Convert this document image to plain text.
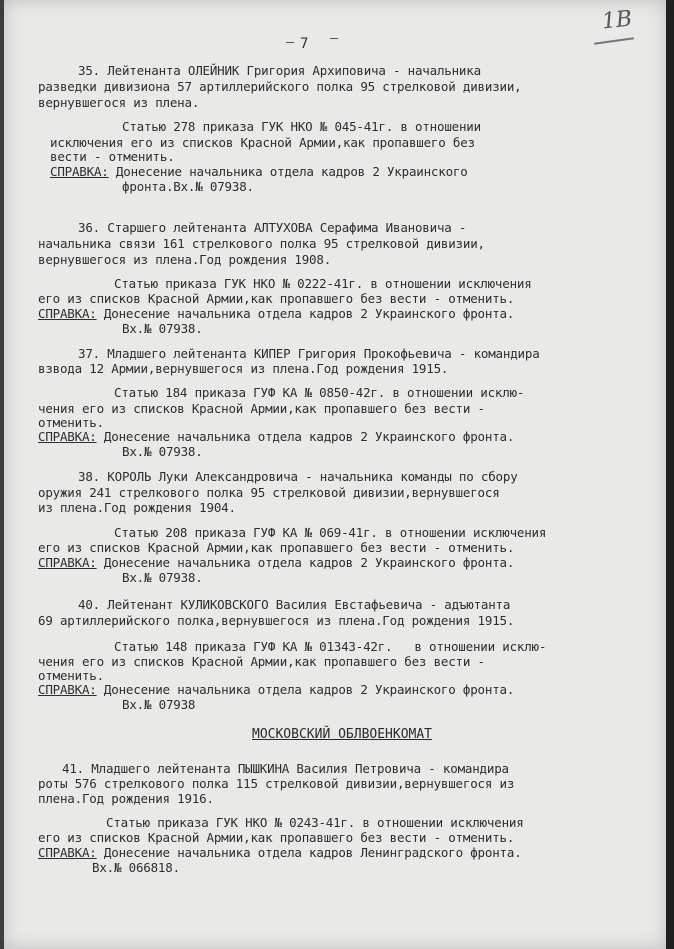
1В
7
35. Лейтенанта ОЛЕЙНИК Григория Архиповича - начальника
разведки дивизиона 57 артиллерийского полка 95 стрелковой дивизии,
вернувшегося из плена.
Статью 278 приказа ГУК НКО № 045-41г. в отношении
исключения его из списков Красной Армии,как пропавшего без
вести - отменить.
СПРАВКА: Донесение начальника отдела кадров 2 Украинского
фронта.Вх.№ 07938.
36. Старшего лейтенанта АЛТУХОВА Серафима Ивановича -
начальника связи 161 стрелкового полка 95 стрелковой дивизии,
вернувшегося из плена.Год рождения 1908.
Статью приказа ГУК НКО № 0222-41г. в отношении исключения
его из списков Красной Армии,как пропавшего без вести - отменить.
СПРАВКА: Донесение начальника отдела кадров 2 Украинского фронта.
Вх.№ 07938.
37. Младшего лейтенанта КИПЕР Григория Прокофьевича - командира
взвода 12 Армии,вернувшегося из плена.Год рождения 1915.
Статью 184 приказа ГУФ КА № 0850-42г. в отношении исклю-
чения его из списков Красной Армии,как пропавшего без вести -
отменить.
СПРАВКА: Донесение начальника отдела кадров 2 Украинского фронта.
Вх.№ 07938.
38. КОРОЛЬ Луки Александровича - начальника команды по сбору
оружия 241 стрелкового полка 95 стрелковой дивизии,вернувшегося
из плена.Год рождения 1904.
Статью 208 приказа ГУФ КА № 069-41г. в отношении исключения
его из списков Красной Армии,как пропавшего без вести - отменить.
СПРАВКА: Донесение начальника отдела кадров 2 Украинского фронта.
Вх.№ 07938.
40. Лейтенант КУЛИКОВСКОГО Василия Евстафьевича - адъютанта
69 артиллерийского полка,вернувшегося из плена.Год рождения 1915.
Статью 148 приказа ГУФ КА № 01343-42г.   в отношении исклю-
чения его из списков Красной Армии,как пропавшего без вести -
отменить.
СПРАВКА: Донесение начальника отдела кадров 2 Украинского фронта.
Вх.№ 07938
МОСКОВСКИЙ ОБЛВОЕНКОМАТ
41. Младшего лейтенанта ПЫШКИНА Василия Петровича - командира
роты 576 стрелкового полка 115 стрелковой дивизии,вернувшегося из
плена.Год рождения 1916.
Статью приказа ГУК НКО № 0243-41г. в отношении исключения
его из списков Красной Армии,как пропавшего без вести - отменить.
СПРАВКА: Донесение начальника отдела кадров Ленинградского фронта.
Вх.№ 066818.
